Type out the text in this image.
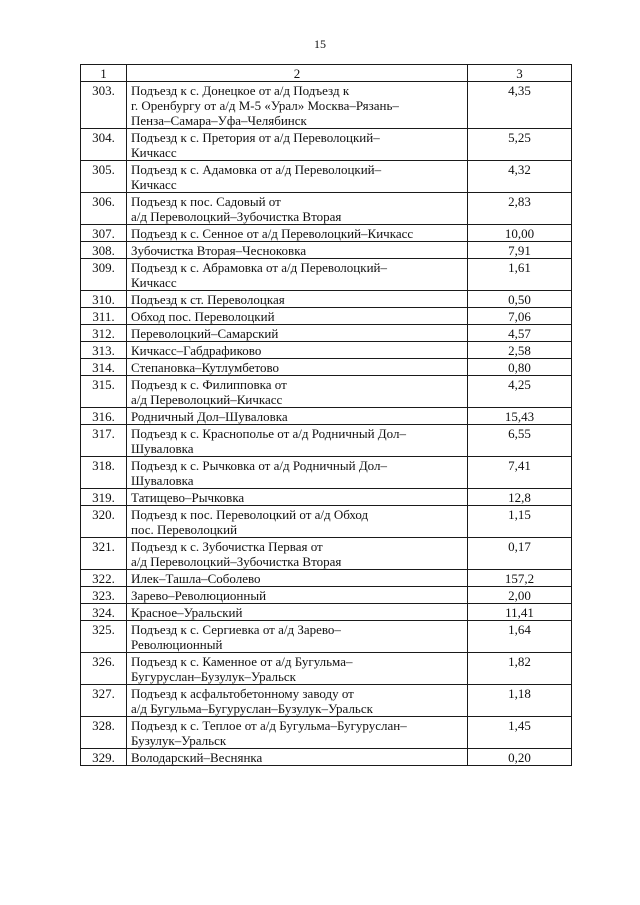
15
1	2	3
303.	Подъезд к с. Донецкое от а/д Подъезд к
г. Оренбургу от а/д М-5 «Урал» Москва–Рязань–
Пенза–Самара–Уфа–Челябинск	4,35
304.	Подъезд к с. Претория от а/д Переволоцкий–
Кичкасс	5,25
305.	Подъезд к с. Адамовка от а/д Переволоцкий–
Кичкасс	4,32
306.	Подъезд к пос. Садовый от
а/д Переволоцкий–Зубочистка Вторая	2,83
307.	Подъезд к с. Сенное от а/д Переволоцкий–Кичкасс	10,00
308.	Зубочистка Вторая–Чесноковка	7,91
309.	Подъезд к с. Абрамовка от а/д Переволоцкий–
Кичкасс	1,61
310.	Подъезд к ст. Переволоцкая	0,50
311.	Обход пос. Переволоцкий	7,06
312.	Переволоцкий–Самарский	4,57
313.	Кичкасс–Габдрафиково	2,58
314.	Степановка–Кутлумбетово	0,80
315.	Подъезд к с. Филипповка от
а/д Переволоцкий–Кичкасс	4,25
316.	Родничный Дол–Шуваловка	15,43
317.	Подъезд к с. Краснополье от а/д Родничный Дол–
Шуваловка	6,55
318.	Подъезд к с. Рычковка от а/д Родничный Дол–
Шуваловка	7,41
319.	Татищево–Рычковка	12,8
320.	Подъезд к пос. Переволоцкий от а/д Обход
пос. Переволоцкий	1,15
321.	Подъезд к с. Зубочистка Первая от
а/д Переволоцкий–Зубочистка Вторая	0,17
322.	Илек–Ташла–Соболево	157,2
323.	Зарево–Революционный	2,00
324.	Красное–Уральский	11,41
325.	Подъезд к с. Сергиевка от а/д Зарево–
Революционный	1,64
326.	Подъезд к с. Каменное от а/д Бугульма–
Бугуруслан–Бузулук–Уральск	1,82
327.	Подъезд к асфальтобетонному заводу от
а/д Бугульма–Бугуруслан–Бузулук–Уральск	1,18
328.	Подъезд к с. Теплое от а/д Бугульма–Бугуруслан–
Бузулук–Уральск	1,45
329.	Володарский–Веснянка	0,20
